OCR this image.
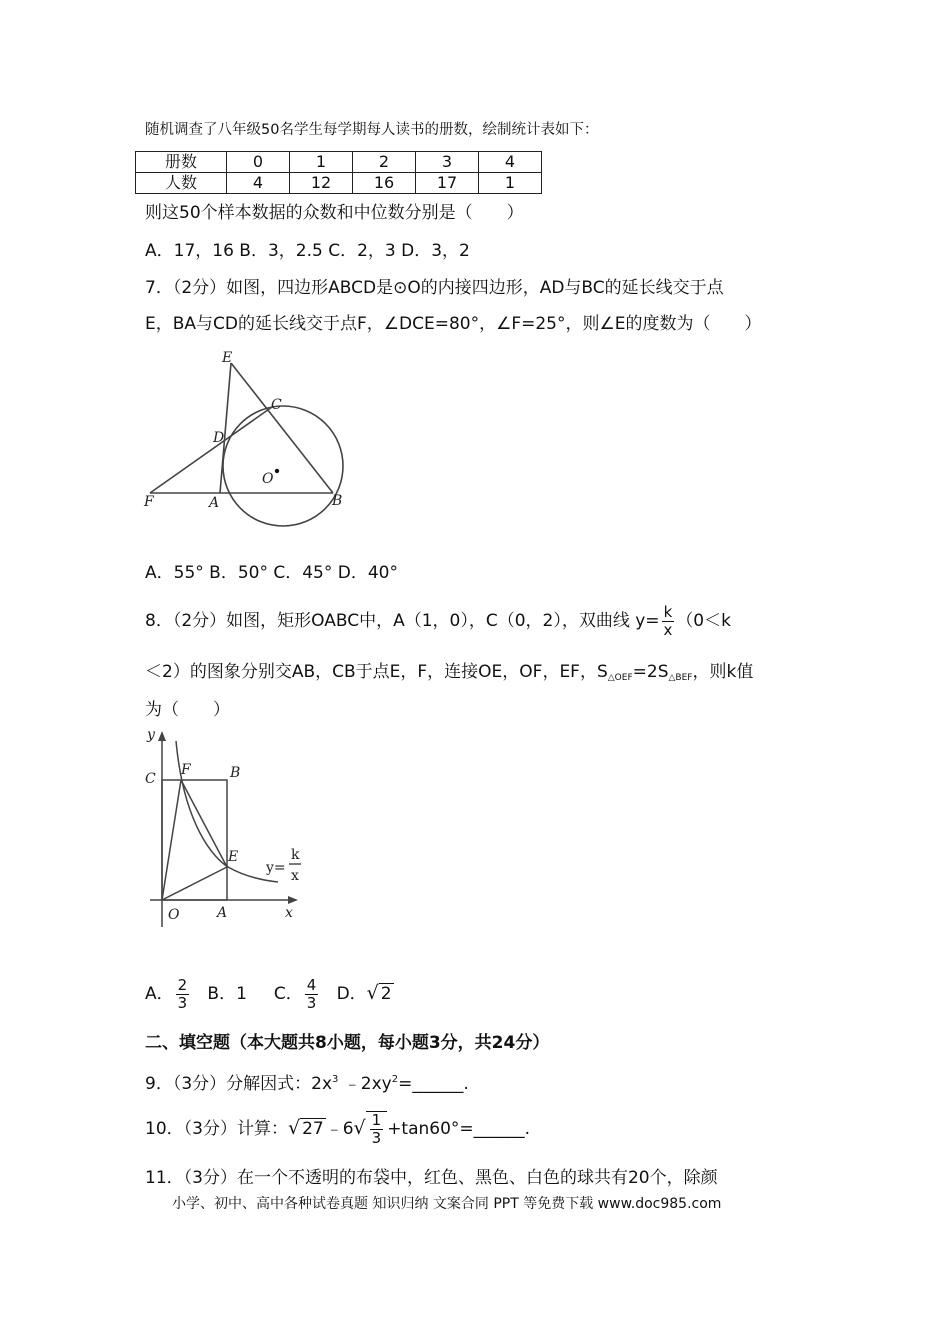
随机调查了八年级50名学生每学期每人读书的册数，绘制统计表如下：
册数	0	1	2	3	4
人数	4	12	16	17	1
则这50个样本数据的众数和中位数分别是（　　）
A．17，16 B．3，2.5 C．2，3 D．3，2
7．（2分）如图，四边形ABCD是⊙O的内接四边形，AD与BC的延长线交于点
E，BA与CD的延长线交于点F，∠DCE=80°，∠F=25°，则∠E的度数为（　　）
E
C
D
O
F	A	B
A．55° B．50° C．45° D．40°
8．（2分）如图，矩形OABC中，A（1，0），C（0，2），双曲线 $y= \frac{k}{x} (0<k$
＜2）的图象分别交AB，CB于点E，F，连接OE，OF，EF，$S_{\triangle OEF}=2S_{\triangle BEF}$，则k值
为（　　）
y
C
F	B
E
O	A	x
y=
k
x
A． $\frac{2}{3}$ B．1 C． $\frac{4}{3}$ D．√ 2
二、填空题（本大题共8小题，每小题3分，共24分）
9．（3分）分解因式：$2x^3$ $﹣2xy^2=\_\_\_\_\_\_$.
10．（3分）计算：√ 27 ﹣6√ $\frac{1}{3}$ +tan60°=______.
11．（3分）在一个不透明的布袋中，红色、黑色、白色的球共有20个，除颜
小学、初中、高中各种试卷真题 知识归纳 文案合同 PPT 等免费下载 www.doc985.com
